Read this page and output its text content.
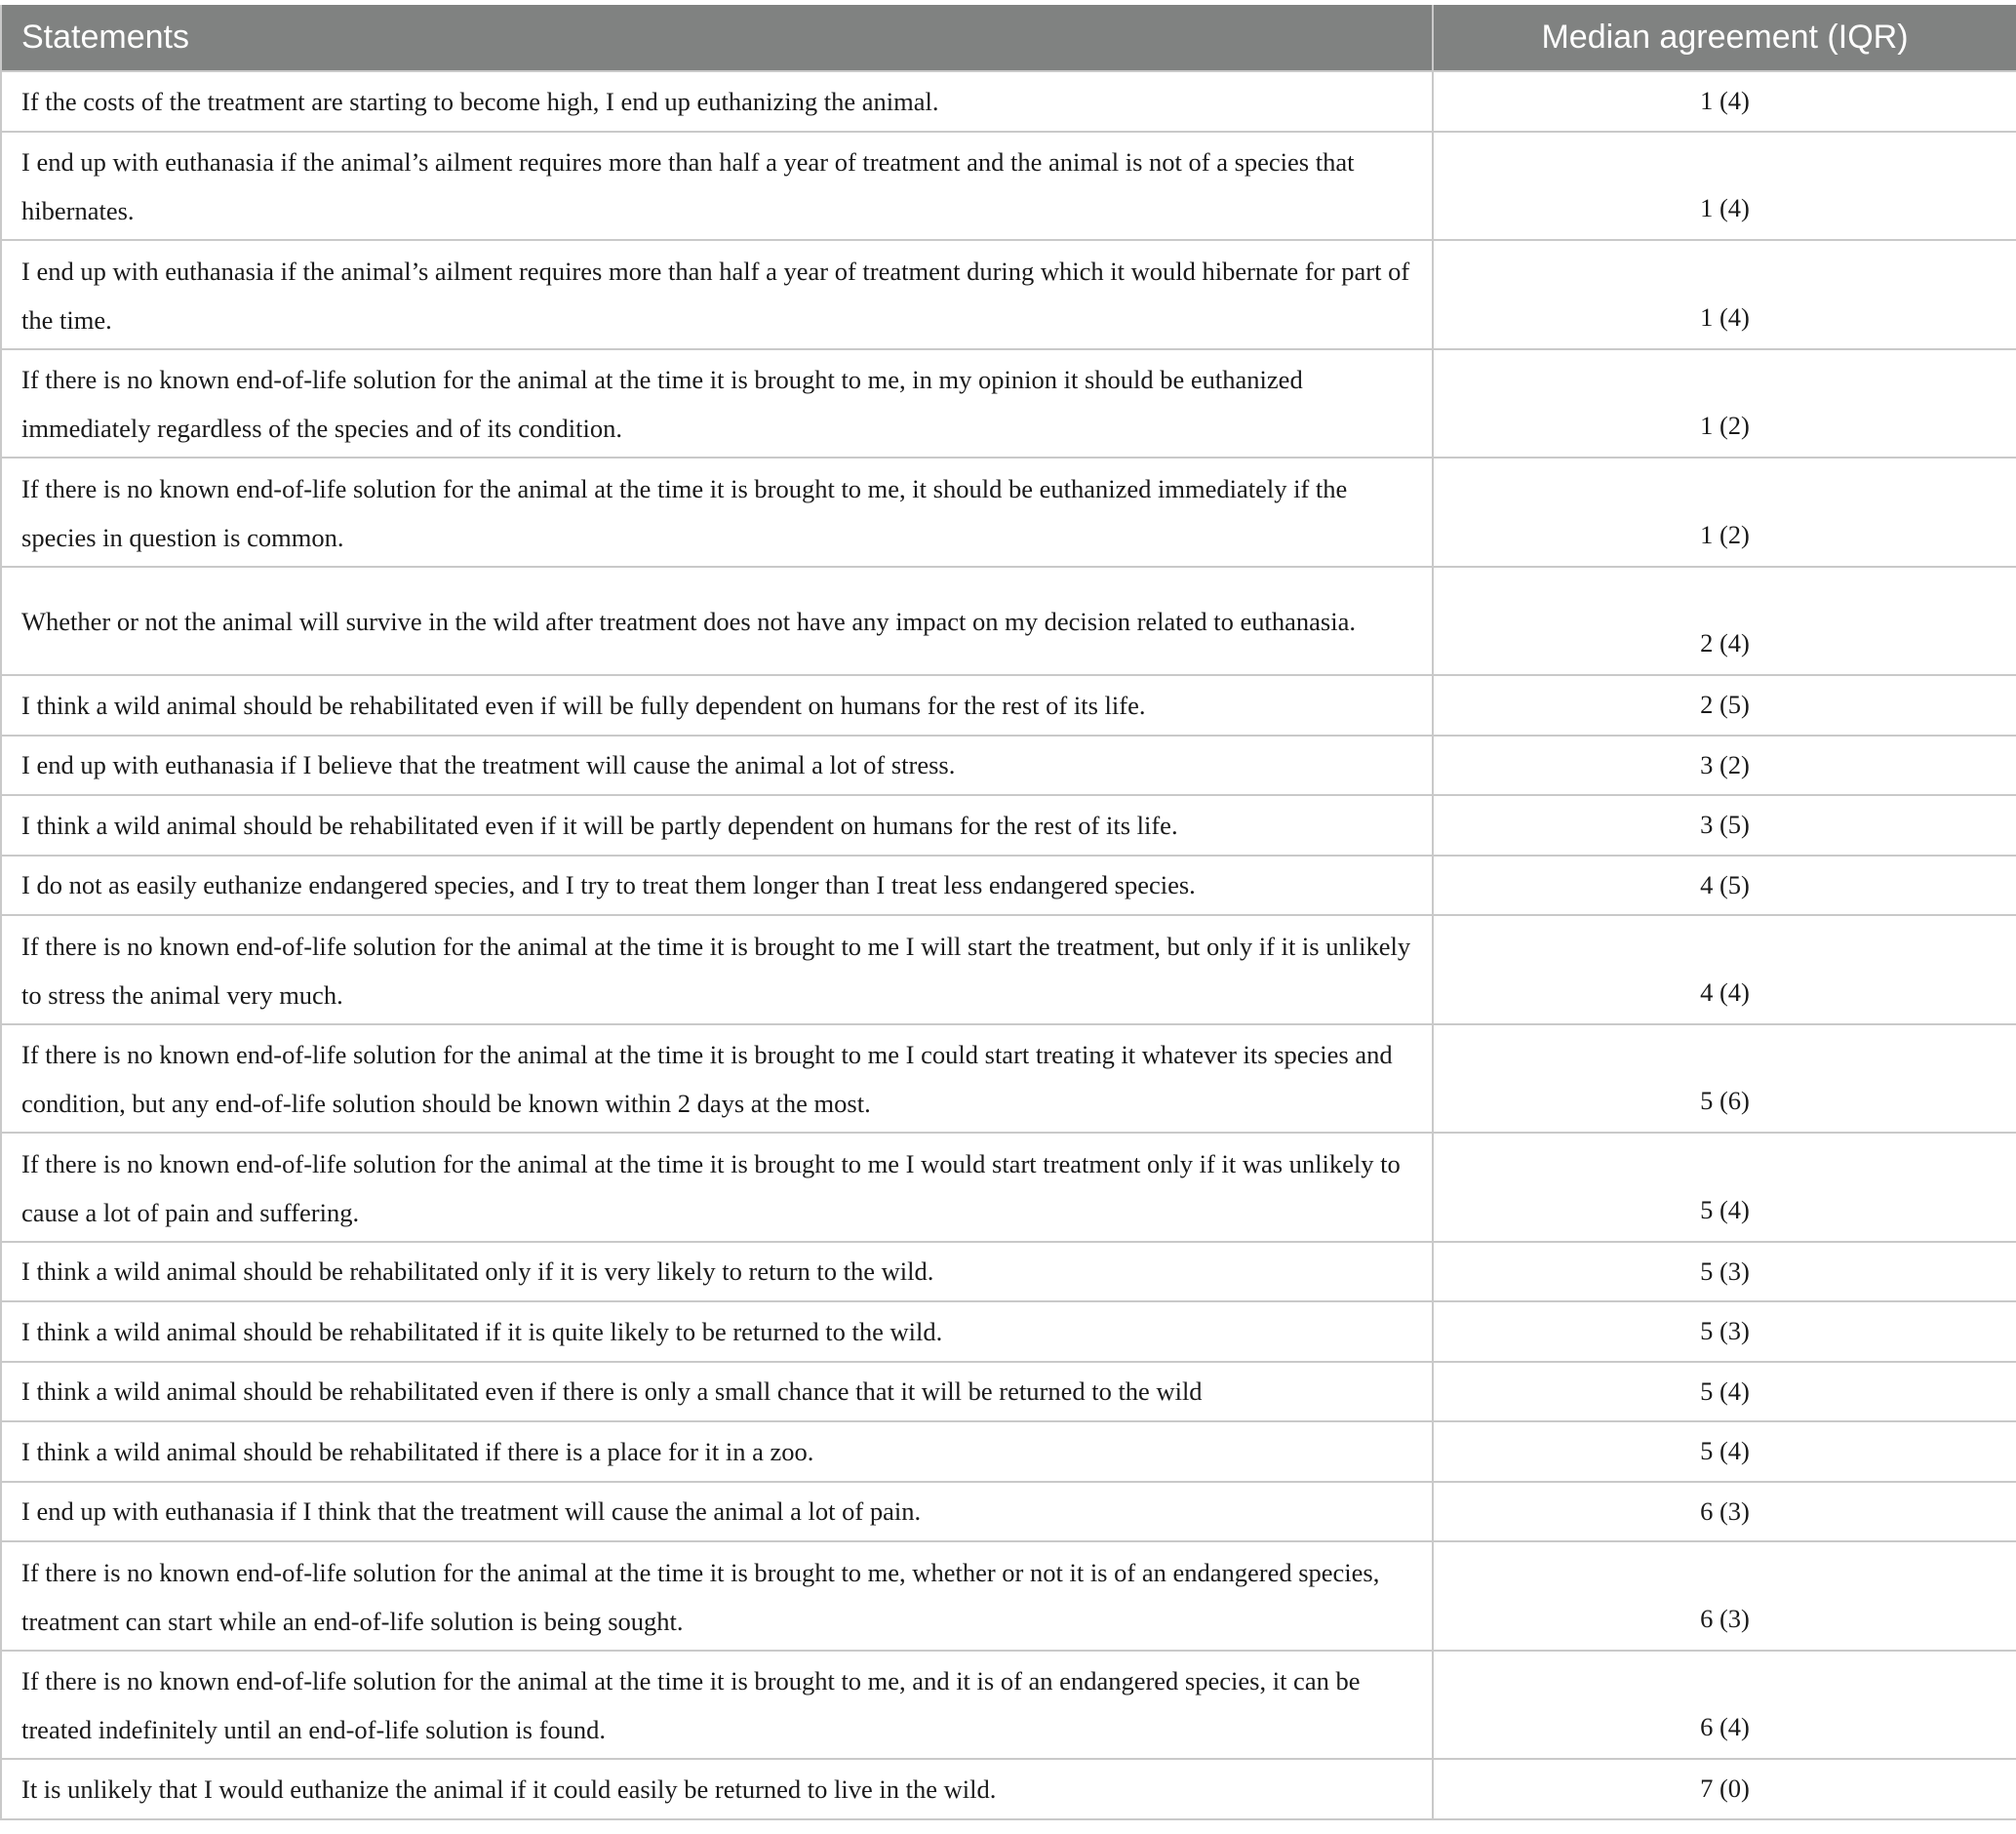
Statements	Median agreement (IQR)
If the costs of the treatment are starting to become high, I end up euthanizing the animal.	1 (4)
I end up with euthanasia if the animal’s ailment requires more than half a year of treatment and the animal is not of a species that hibernates.	1 (4)
I end up with euthanasia if the animal’s ailment requires more than half a year of treatment during which it would hibernate for part of the time.	1 (4)
If there is no known end-of-life solution for the animal at the time it is brought to me, in my opinion it should be euthanized immediately regardless of the species and of its condition.	1 (2)
If there is no known end-of-life solution for the animal at the time it is brought to me, it should be euthanized immediately if the species in question is common.	1 (2)
Whether or not the animal will survive in the wild after treatment does not have any impact on my decision related to euthanasia.	2 (4)
I think a wild animal should be rehabilitated even if will be fully dependent on humans for the rest of its life.	2 (5)
I end up with euthanasia if I believe that the treatment will cause the animal a lot of stress.	3 (2)
I think a wild animal should be rehabilitated even if it will be partly dependent on humans for the rest of its life.	3 (5)
I do not as easily euthanize endangered species, and I try to treat them longer than I treat less endangered species.	4 (5)
If there is no known end-of-life solution for the animal at the time it is brought to me I will start the treatment, but only if it is unlikely to stress the animal very much.	4 (4)
If there is no known end-of-life solution for the animal at the time it is brought to me I could start treating it whatever its species and condition, but any end-of-life solution should be known within 2 days at the most.	5 (6)
If there is no known end-of-life solution for the animal at the time it is brought to me I would start treatment only if it was unlikely to cause a lot of pain and suffering.	5 (4)
I think a wild animal should be rehabilitated only if it is very likely to return to the wild.	5 (3)
I think a wild animal should be rehabilitated if it is quite likely to be returned to the wild.	5 (3)
I think a wild animal should be rehabilitated even if there is only a small chance that it will be returned to the wild	5 (4)
I think a wild animal should be rehabilitated if there is a place for it in a zoo.	5 (4)
I end up with euthanasia if I think that the treatment will cause the animal a lot of pain.	6 (3)
If there is no known end-of-life solution for the animal at the time it is brought to me, whether or not it is of an endangered species, treatment can start while an end-of-life solution is being sought.	6 (3)
If there is no known end-of-life solution for the animal at the time it is brought to me, and it is of an endangered species, it can be treated indefinitely until an end-of-life solution is found.	6 (4)
It is unlikely that I would euthanize the animal if it could easily be returned to live in the wild.	7 (0)
